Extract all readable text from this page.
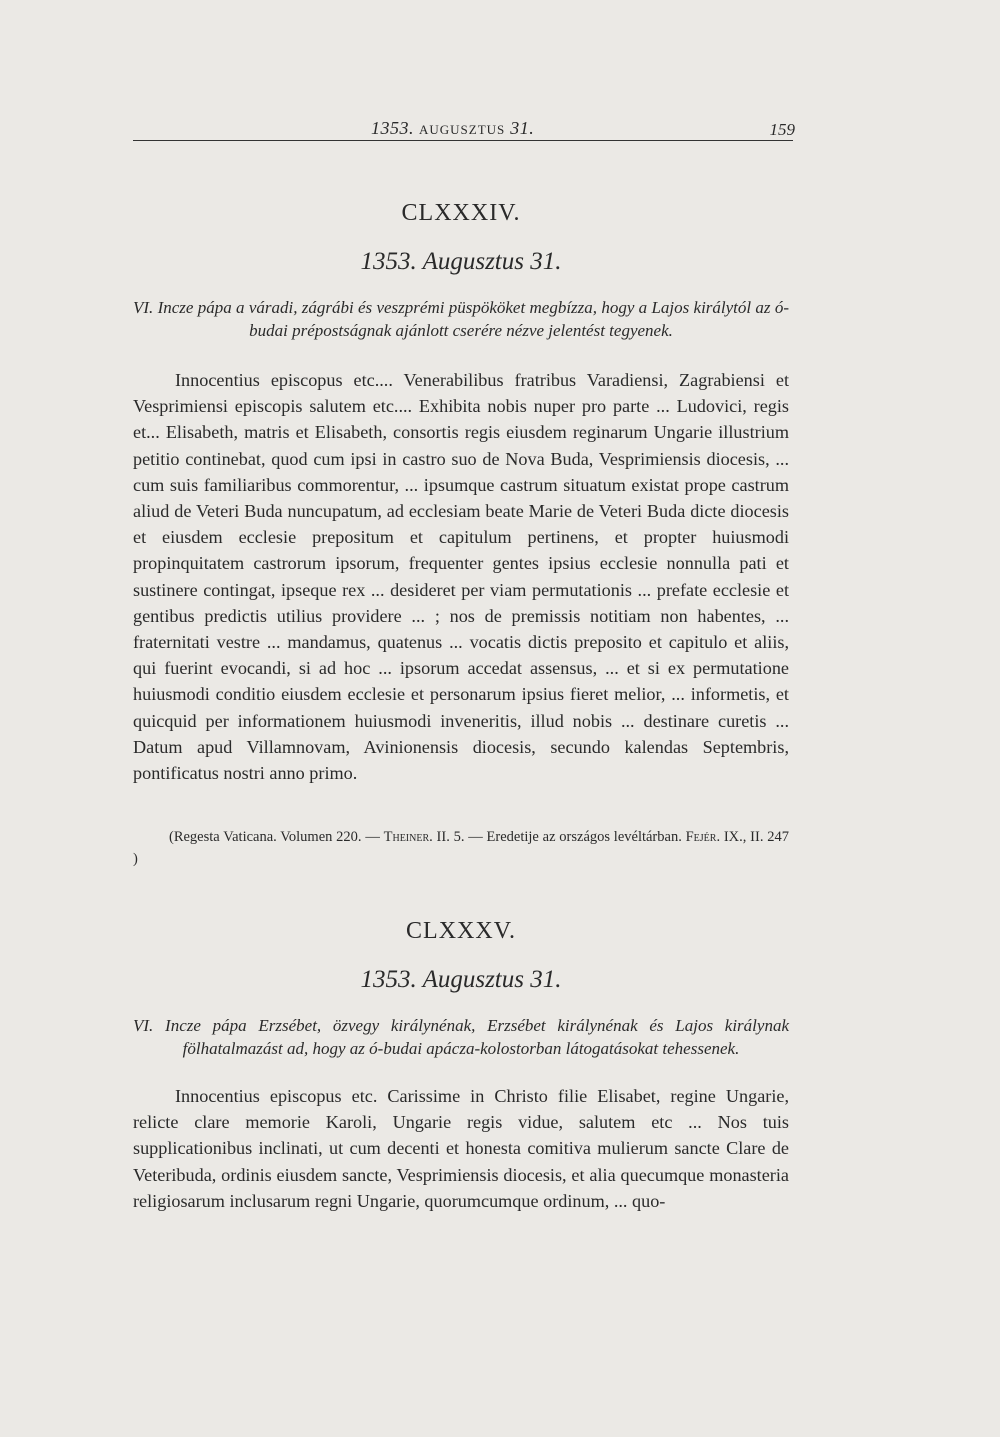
1353. AUGUSZTUS 31.	159
CLXXXIV.
1353. Augusztus 31.
VI. Incze pápa a váradi, zágrábi és veszprémi püspököket megbízza, hogy a Lajos királytól az ó-budai prépostságnak ajánlott cserére nézve jelentést tegyenek.
Innocentius episcopus etc.... Venerabilibus fratribus Varadiensi, Zagrabiensi et Vesprimiensi episcopis salutem etc.... Exhibita nobis nuper pro parte ... Ludovici, regis et... Elisabeth, matris et Elisabeth, consortis regis eiusdem reginarum Ungarie illustrium petitio continebat, quod cum ipsi in castro suo de Nova Buda, Vesprimiensis diocesis, ... cum suis familiaribus commorentur, ... ipsumque castrum situatum existat prope castrum aliud de Veteri Buda nuncupatum, ad ecclesiam beate Marie de Veteri Buda dicte diocesis et eiusdem ecclesie prepositum et capitulum pertinens, et propter huiusmodi propinquitatem castrorum ipsorum, frequenter gentes ipsius ecclesie nonnulla pati et sustinere contingat, ipseque rex ... desideret per viam permutationis ... prefate ecclesie et gentibus predictis utilius providere ... ; nos de premissis notitiam non habentes, ... fraternitati vestre ... mandamus, quatenus ... vocatis dictis preposito et capitulo et aliis, qui fuerint evocandi, si ad hoc ... ipsorum accedat assensus, ... et si ex permutatione huiusmodi conditio eiusdem ecclesie et personarum ipsius fieret melior, ... informetis, et quicquid per informationem huiusmodi inveneritis, illud nobis ... destinare curetis ... Datum apud Villamnovam, Avinionensis diocesis, secundo kalendas Septembris, pontificatus nostri anno primo.
(Regesta Vaticana. Volumen 220. — Theiner. II. 5. — Eredetije az országos levéltárban. Fejér. IX., II. 247 )
CLXXXV.
1353. Augusztus 31.
VI. Incze pápa Erzsébet, özvegy királynénak, Erzsébet királynénak és Lajos királynak fölhatalmazást ad, hogy az ó-budai apácza-kolostorban látogatásokat tehessenek.
Innocentius episcopus etc. Carissime in Christo filie Elisabet, regine Ungarie, relicte clare memorie Karoli, Ungarie regis vidue, salutem etc ... Nos tuis supplicationibus inclinati, ut cum decenti et honesta comitiva mulierum sancte Clare de Veteribuda, ordinis eiusdem sancte, Vesprimiensis diocesis, et alia quecumque monasteria religiosarum inclusarum regni Ungarie, quorumcumque ordinum, ... quo-
